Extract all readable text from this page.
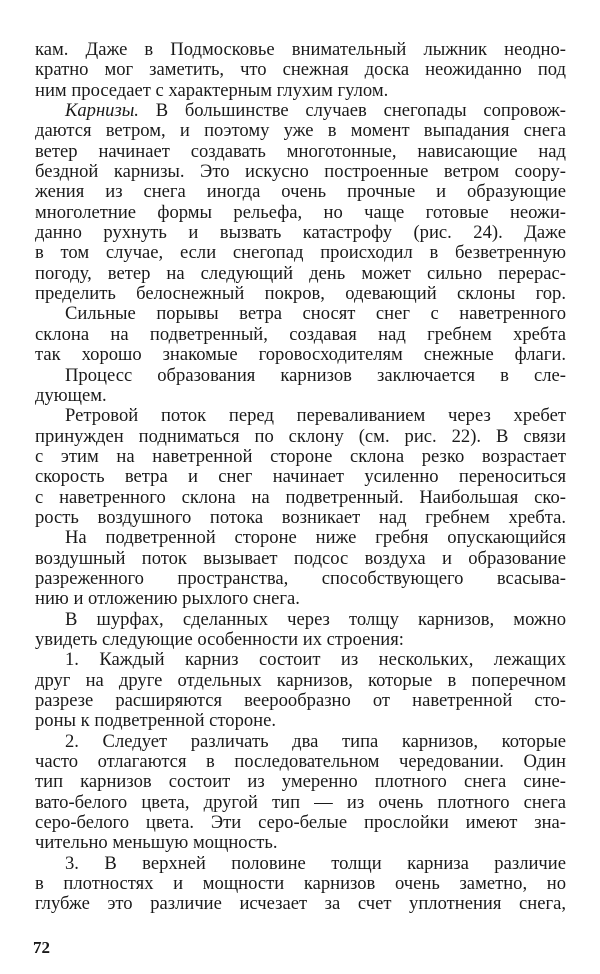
кам. Даже в Подмосковье внимательный лыжник неодно-
кратно мог заметить, что снежная доска неожиданно под
ним проседает с характерным глухим гулом.
Карнизы. В большинстве случаев снегопады сопровож-
даются ветром, и поэтому уже в момент выпадания снега
ветер начинает создавать многотонные, нависающие над
бездной карнизы. Это искусно построенные ветром соору-
жения из снега иногда очень прочные и образующие
многолетние формы рельефа, но чаще готовые неожи-
данно рухнуть и вызвать катастрофу (рис. 24). Даже
в том случае, если снегопад происходил в безветренную
погоду, ветер на следующий день может сильно перерас-
пределить белоснежный покров, одевающий склоны гор.
Сильные порывы ветра сносят снег с наветренного
склона на подветренный, создавая над гребнем хребта
так хорошо знакомые горовосходителям снежные флаги.
Процесс образования карнизов заключается в сле-
дующем.
Ретровой поток перед переваливанием через хребет
принужден подниматься по склону (см. рис. 22). В связи
с этим на наветренной стороне склона резко возрастает
скорость ветра и снег начинает усиленно переноситься
с наветренного склона на подветренный. Наибольшая ско-
рость воздушного потока возникает над гребнем хребта.
На подветренной стороне ниже гребня опускающийся
воздушный поток вызывает подсос воздуха и образование
разреженного пространства, способствующего всасыва-
нию и отложению рыхлого снега.
В шурфах, сделанных через толщу карнизов, можно
увидеть следующие особенности их строения:
1. Каждый карниз состоит из нескольких, лежащих
друг на друге отдельных карнизов, которые в поперечном
разрезе расширяются веерообразно от наветренной сто-
роны к подветренной стороне.
2. Следует различать два типа карнизов, которые
часто отлагаются в последовательном чередовании. Один
тип карнизов состоит из умеренно плотного снега сине-
вато-белого цвета, другой тип — из очень плотного снега
серо-белого цвета. Эти серо-белые прослойки имеют зна-
чительно меньшую мощность.
3. В верхней половине толщи карниза различие
в плотностях и мощности карнизов очень заметно, но
глубже это различие исчезает за счет уплотнения снега,
72
